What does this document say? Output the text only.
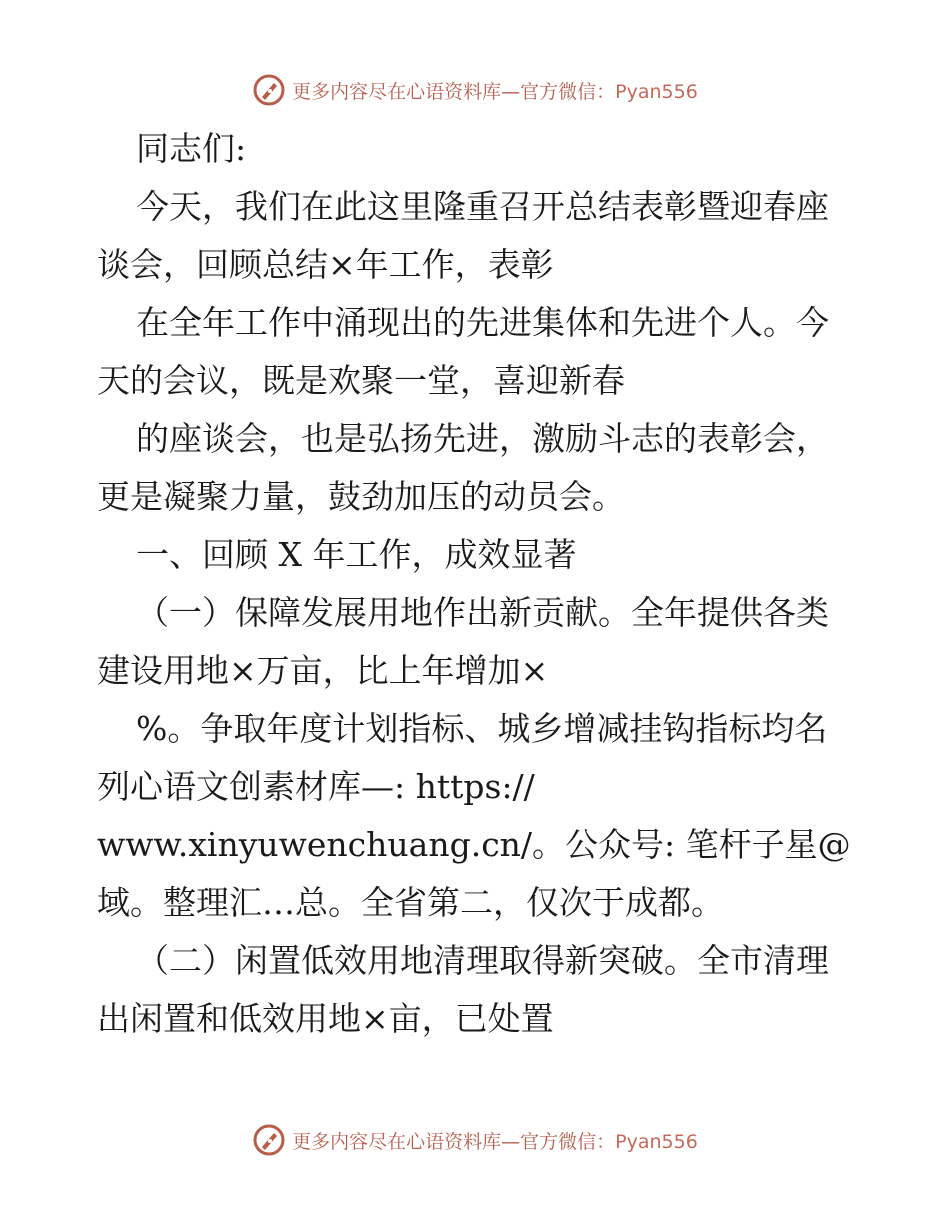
更多内容尽在心语资料库—官方微信：Pyan556
同志们:
今天，我们在此这里隆重召开总结表彰暨迎春座
谈会，回顾总结×年工作，表彰
在全年工作中涌现出的先进集体和先进个人。今
天的会议，既是欢聚一堂，喜迎新春
的座谈会，也是弘扬先进，激励斗志的表彰会，
更是凝聚力量，鼓劲加压的动员会。
一、回顾 X 年工作，成效显著
（一）保障发展用地作出新贡献。全年提供各类
建设用地×万亩，比上年增加×
%。争取年度计划指标、城乡增减挂钩指标均名
列心语文创素材库—: https://
www.xinyuwenchuang.cn/。公众号: 笔杆子星@
域。整理汇…总。全省第二，仅次于成都。
（二）闲置低效用地清理取得新突破。全市清理
出闲置和低效用地×亩，已处置
更多内容尽在心语资料库—官方微信：Pyan556
